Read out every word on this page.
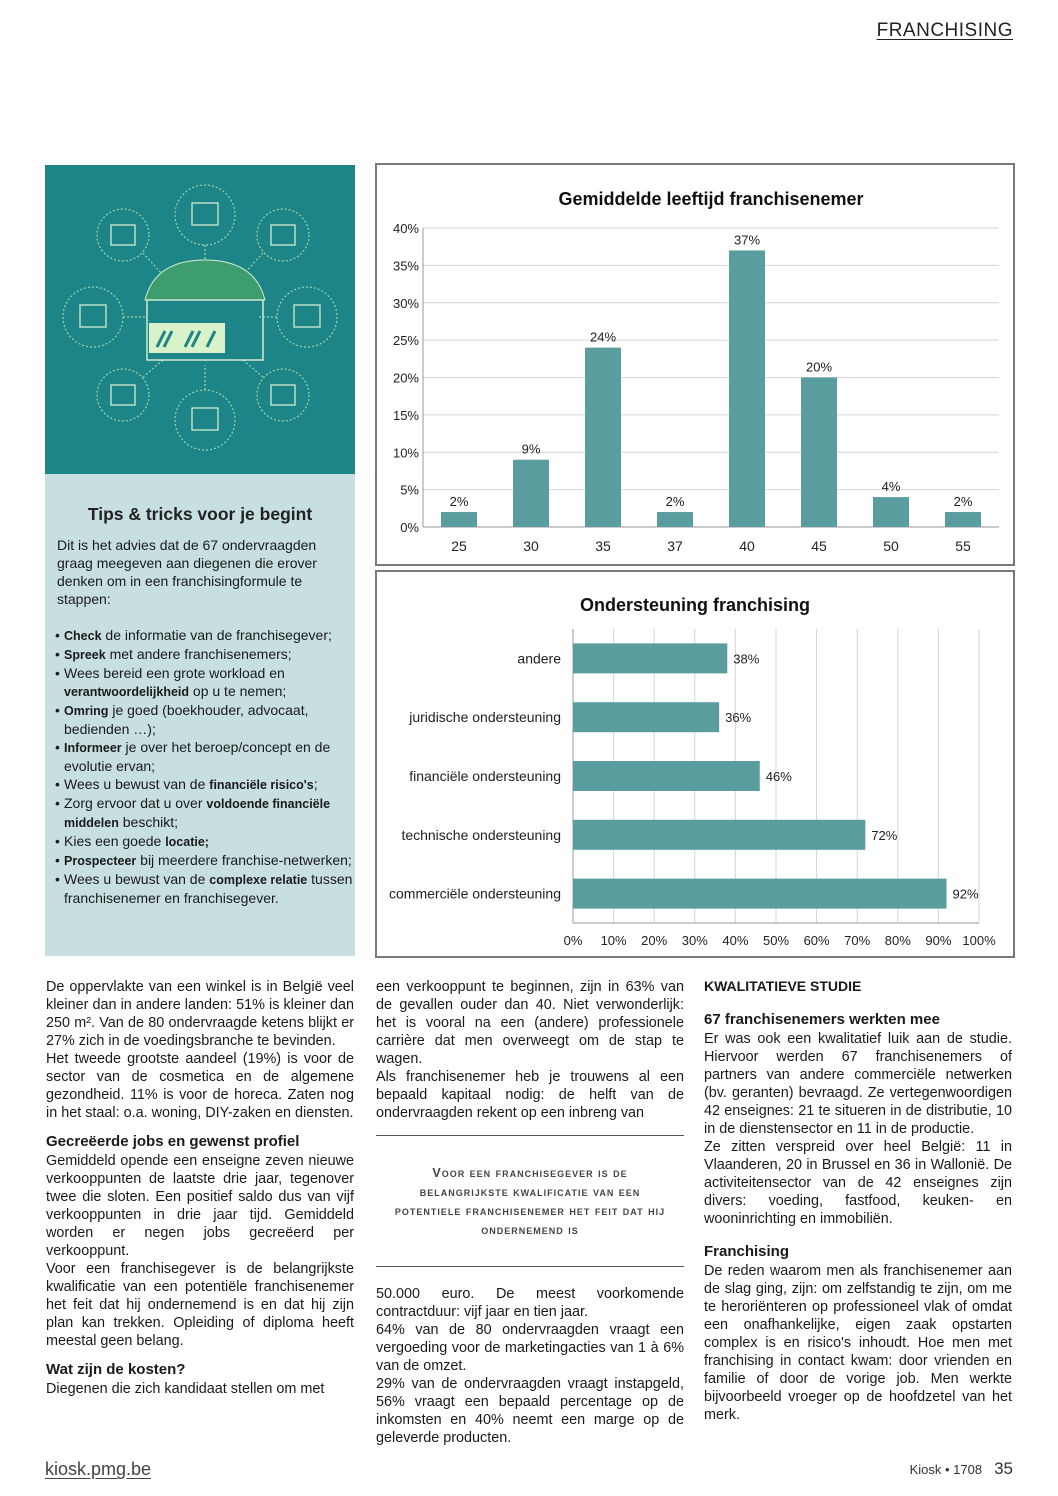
FRANCHISING
Tips & tricks voor je begint
Dit is het advies dat de 67 ondervraagden graag meegeven aan diegenen die erover denken om in een franchisingformule te stappen:
• Check de informatie van de franchisegever;
• Spreek met andere franchisenemers;
• Wees bereid een grote workload en verantwoordelijkheid op u te nemen;
• Omring je goed (boekhouder, advocaat, bedienden …);
• Informeer je over het beroep/concept en de evolutie ervan;
• Wees u bewust van de financiële risico's;
• Zorg ervoor dat u over voldoende financiële middelen beschikt;
• Kies een goede locatie;
• Prospecteer bij meerdere franchise-netwerken;
• Wees u bewust van de complexe relatie tussen franchisenemer en franchisegever.
Gemiddelde leeftijd franchisenemer
0%
5%
10%
15%
20%
25%
30%
35%
40%
2%
25
9%
30
24%
35
2%
37
37%
40
20%
45
4%
50
2%
55
Ondersteuning franchising
0% 10% 20% 30% 40% 50% 60% 70% 80% 90% 100%
38%
andere
36%
juridische ondersteuning
46%
financiële ondersteuning
72%
technische ondersteuning
92%
commerciële ondersteuning

De oppervlakte van een winkel is in België veel kleiner dan in andere landen: 51% is kleiner dan 250 m². Van de 80 ondervraagde ketens blijkt er 27% zich in de voedingsbranche te bevinden.

Het tweede grootste aandeel (19%) is voor de sector van de cosmetica en de algemene gezondheid. 11% is voor de horeca. Zaten nog in het staal: o.a. woning, DIY-zaken en diensten.

Gecreëerde jobs en gewenst profiel

Gemiddeld opende een enseigne zeven nieuwe verkooppunten de laatste drie jaar, tegenover twee die sloten. Een positief saldo dus van vijf verkooppunten in drie jaar tijd. Gemiddeld worden er negen jobs gecreëerd per verkooppunt.

Voor een franchisegever is de belangrijkste kwalificatie van een potentiële franchisenemer het feit dat hij ondernemend is en dat hij zijn plan kan trekken. Opleiding of diploma heeft meestal geen belang.

Wat zijn de kosten?

Diegenen die zich kandidaat stellen om met

een verkooppunt te beginnen, zijn in 63% van de gevallen ouder dan 40. Niet verwonderlijk: het is vooral na een (andere) professionele carrière dat men overweegt om de stap te wagen.

Als franchisenemer heb je trouwens al een bepaald kapitaal nodig: de helft van de ondervraagden rekent op een inbreng van

Voor een franchisegever is de belangrijkste kwalificatie van een potentiele franchisenemer het feit dat hij ondernemend is

50.000 euro. De meest voorkomende contractduur: vijf jaar en tien jaar.

64% van de 80 ondervraagden vraagt een vergoeding voor de marketingacties van 1 à 6% van de omzet.

29% van de ondervraagden vraagt instapgeld, 56% vraagt een bepaald percentage op de inkomsten en 40% neemt een marge op de geleverde producten.

KWALITATIEVE STUDIE
67 franchisenemers werkten mee

Er was ook een kwalitatief luik aan de studie. Hiervoor werden 67 franchisenemers of partners van andere commerciële netwerken (bv. geranten) bevraagd. Ze vertegenwoordigen 42 enseignes: 21 te situeren in de distributie, 10 in de dienstensector en 11 in de productie.

Ze zitten verspreid over heel België: 11 in Vlaanderen, 20 in Brussel en 36 in Wallonië. De activiteitensector van de 42 enseignes zijn divers: voeding, fastfood, keuken- en wooninrichting en immobiliën.

Franchising

De reden waarom men als franchisenemer aan de slag ging, zijn: om zelfstandig te zijn, om me te heroriënteren op professioneel vlak of omdat een onafhankelijke, eigen zaak opstarten complex is en risico's inhoudt. Hoe men met franchising in contact kwam: door vrienden en familie of door de vorige job. Men werkte bijvoorbeeld vroeger op de hoofdzetel van het merk.

kiosk.pmg.be	Kiosk • 1708 35
